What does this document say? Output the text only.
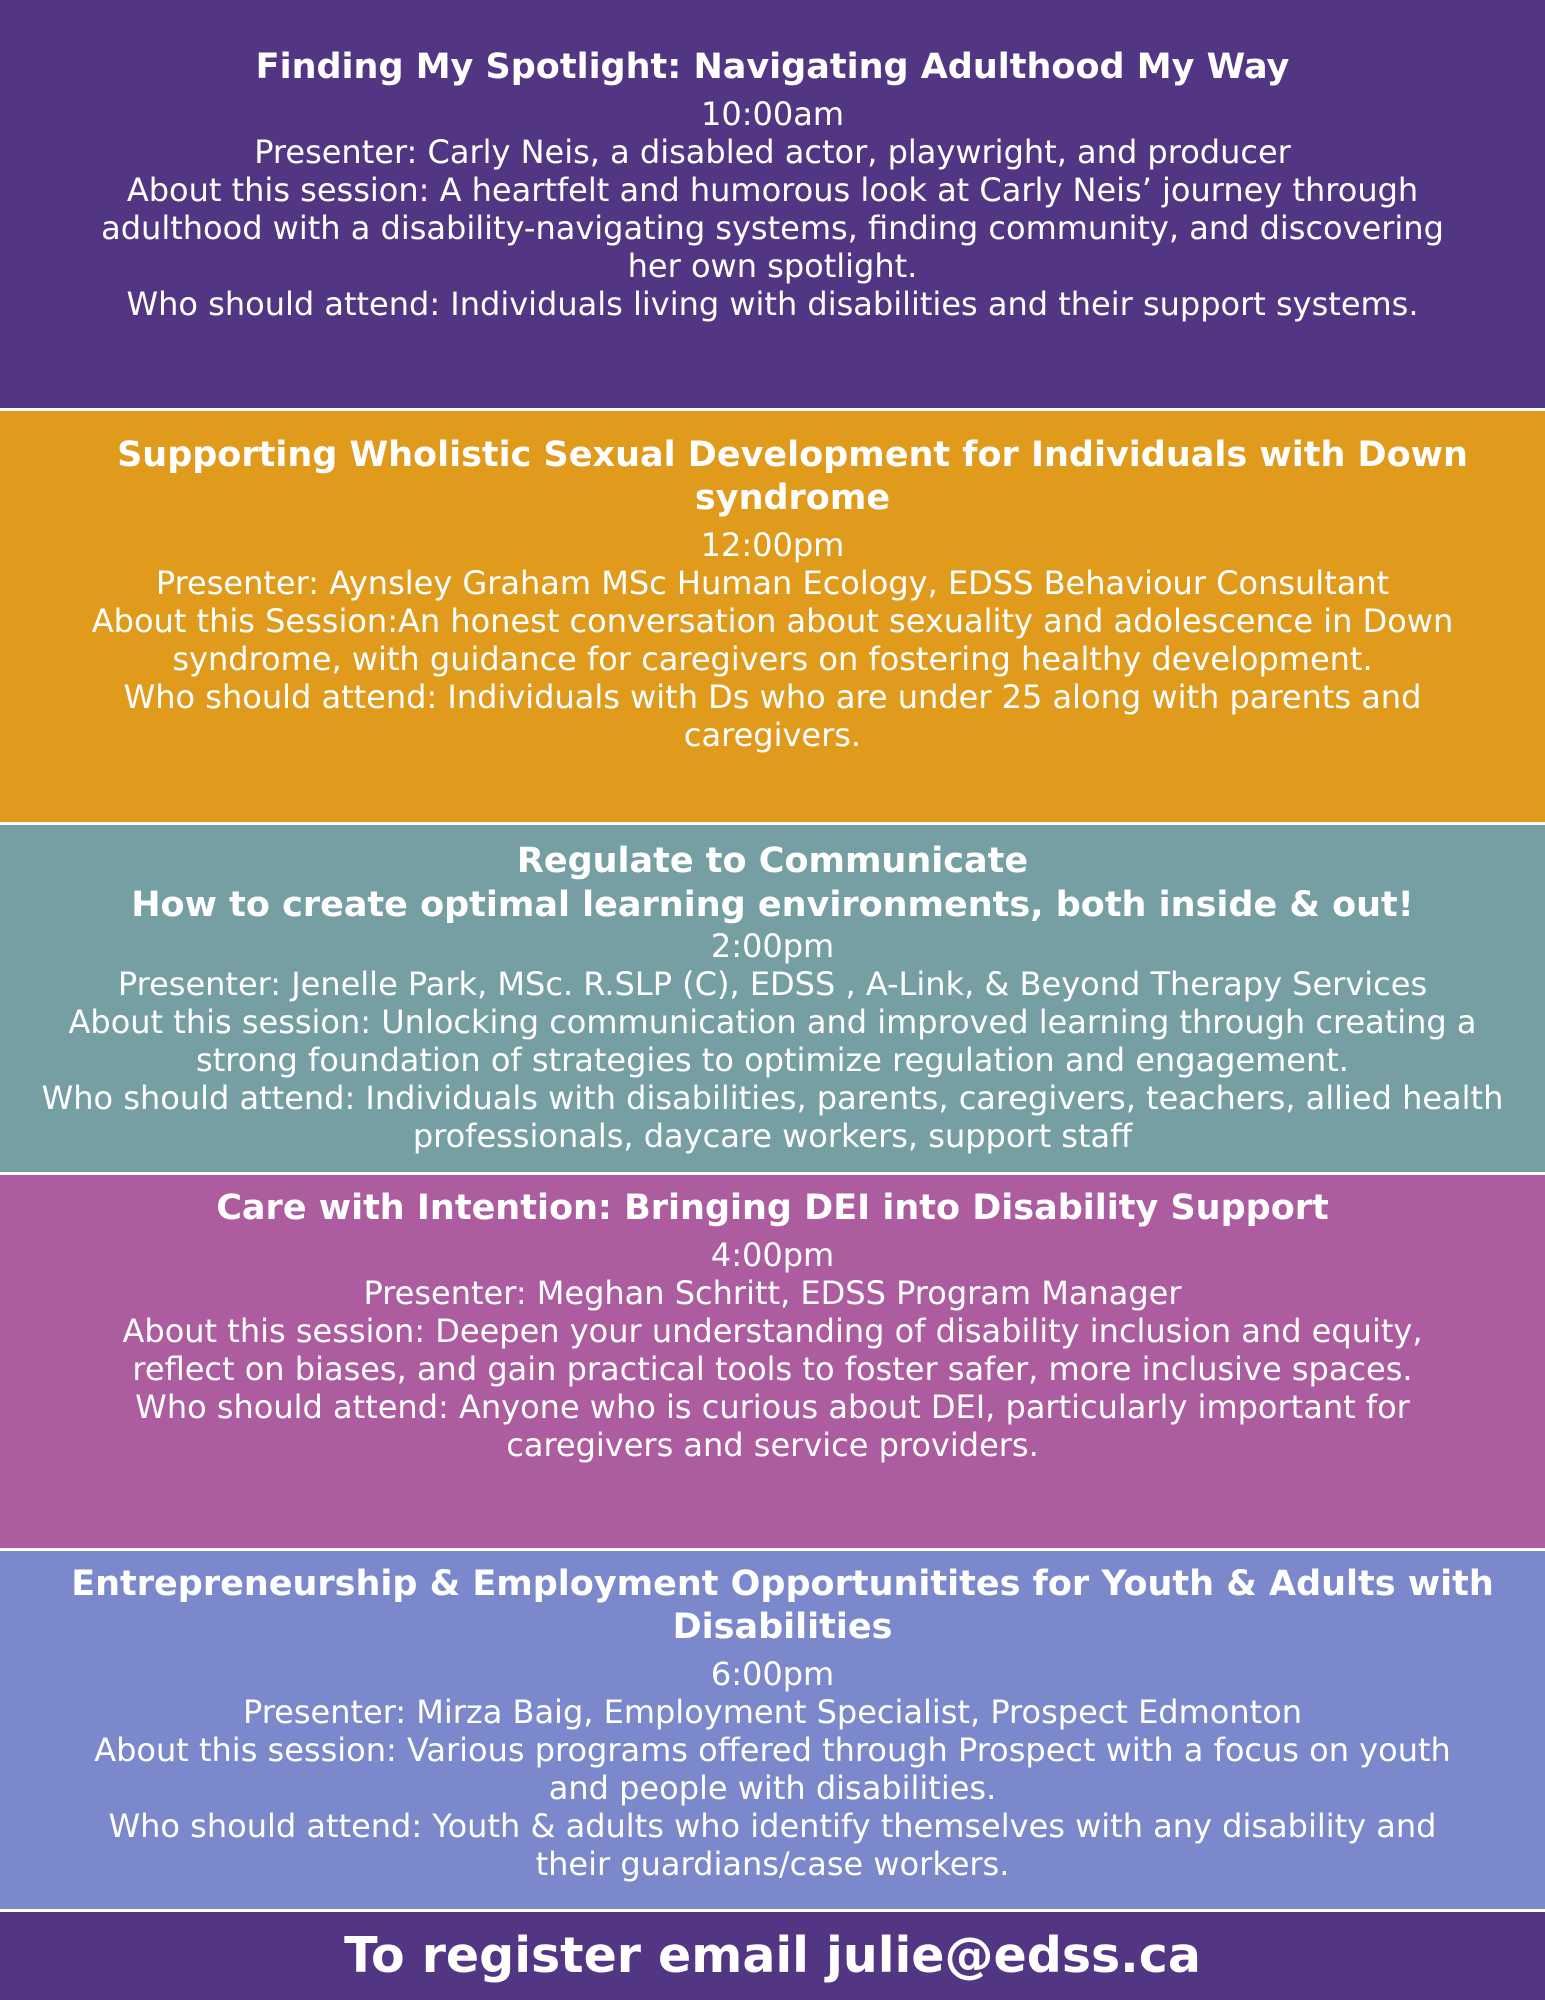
Finding My Spotlight: Navigating Adulthood My Way
10:00am
Presenter: Carly Neis, a disabled actor, playwright, and producer
About this session: A heartfelt and humorous look at Carly Neis’ journey through adulthood with a disability-navigating systems, finding community, and discovering her own spotlight.
Who should attend: Individuals living with disabilities and their support systems.
Supporting Wholistic Sexual Development for Individuals with Down syndrome
12:00pm
Presenter: Aynsley Graham MSc Human Ecology, EDSS Behaviour Consultant
About this Session:An honest conversation about sexuality and adolescence in Down syndrome, with guidance for caregivers on fostering healthy development.
Who should attend: Individuals with Ds who are under 25 along with parents and caregivers.
Regulate to Communicate
How to create optimal learning environments, both inside & out!
2:00pm
Presenter: Jenelle Park, MSc. R.SLP (C), EDSS , A-Link, & Beyond Therapy Services
About this session: Unlocking communication and improved learning through creating a strong foundation of strategies to optimize regulation and engagement.
Who should attend: Individuals with disabilities, parents, caregivers, teachers, allied health professionals, daycare workers, support staff
Care with Intention: Bringing DEI into Disability Support
4:00pm
Presenter: Meghan Schritt, EDSS Program Manager
About this session: Deepen your understanding of disability inclusion and equity, reflect on biases, and gain practical tools to foster safer, more inclusive spaces.
Who should attend: Anyone who is curious about DEI, particularly important for caregivers and service providers.
Entrepreneurship & Employment Opportunitites for Youth & Adults with Disabilities
6:00pm
Presenter: Mirza Baig, Employment Specialist, Prospect Edmonton
About this session: Various programs offered through Prospect with a focus on youth and people with disabilities.
Who should attend: Youth & adults who identify themselves with any disability and their guardians/case workers.

To register email julie@edss.ca
